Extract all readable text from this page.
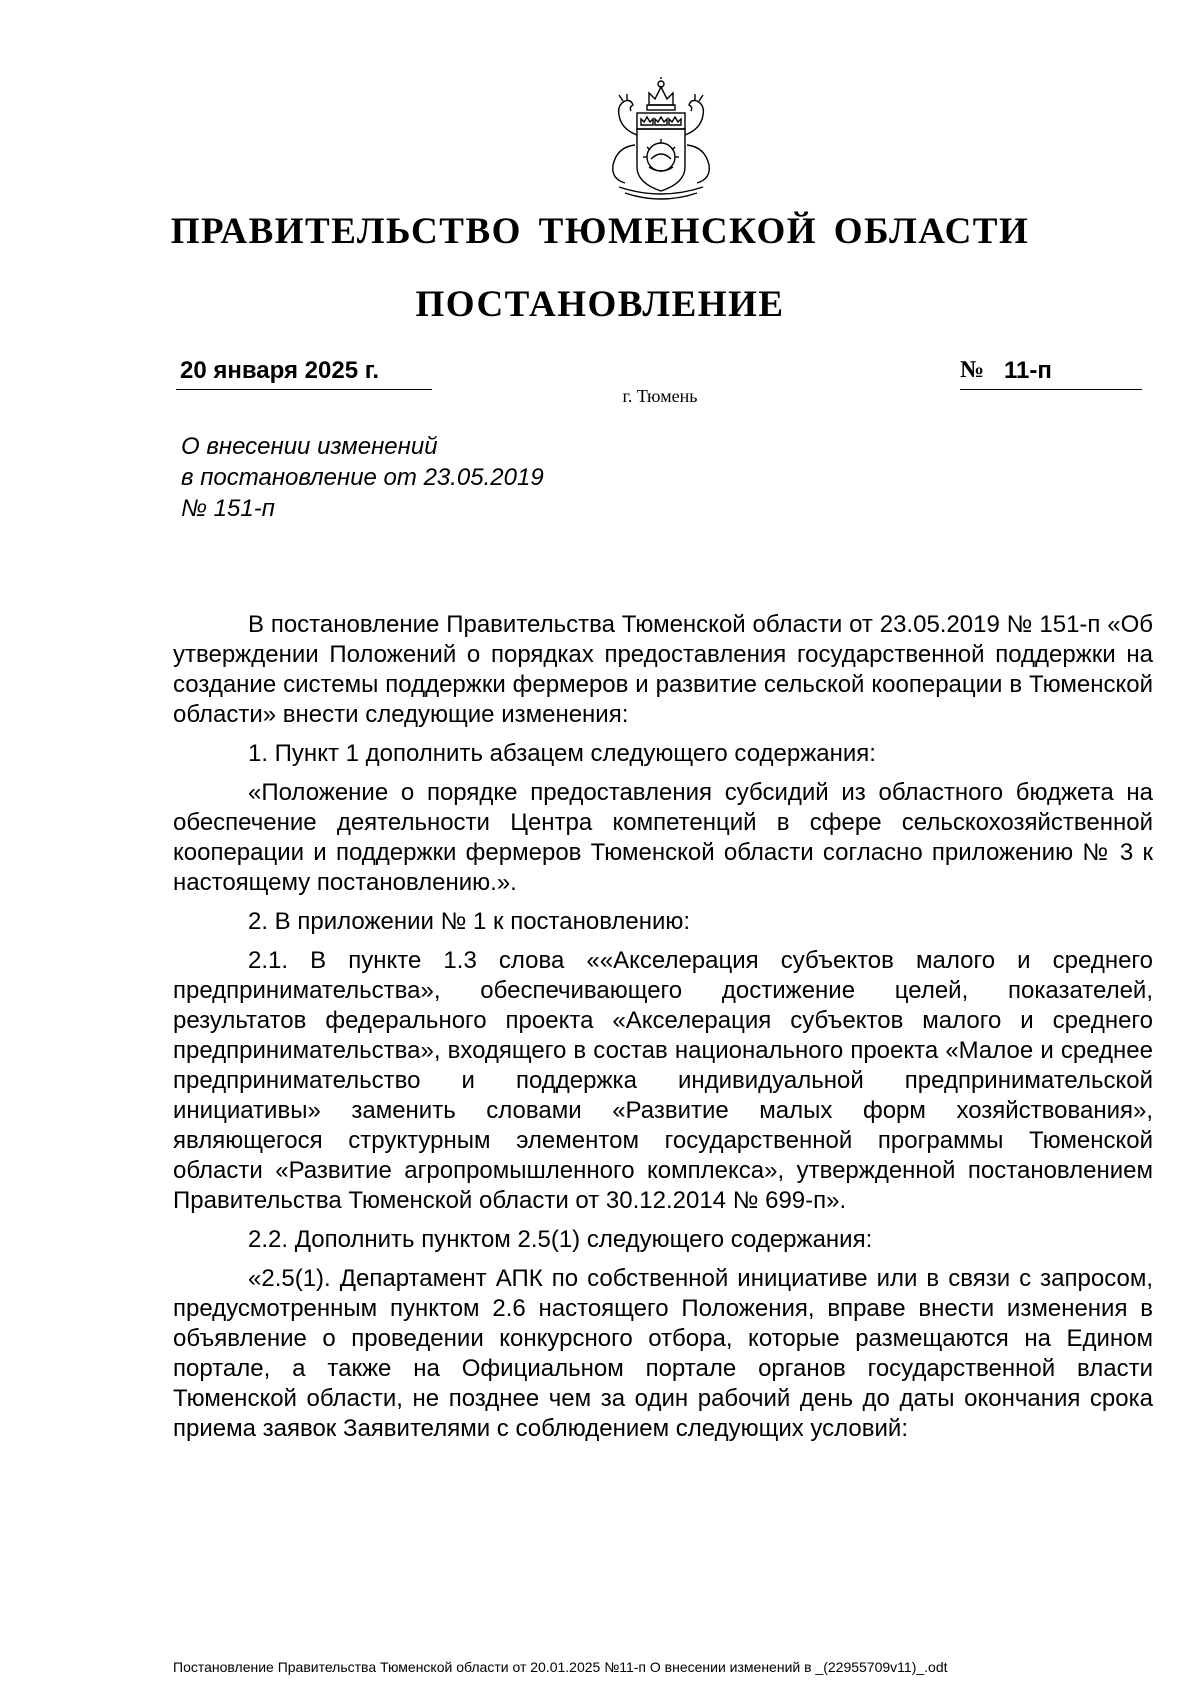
ПРАВИТЕЛЬСТВО ТЮМЕНСКОЙ ОБЛАСТИ
ПОСТАНОВЛЕНИЕ
20 января 2025 г.	№ 11-п
г. Тюмень
О внесении изменений
в постановление от 23.05.2019
№ 151-п

В постановление Правительства Тюменской области от 23.05.2019 № 151-п «Об утверждении Положений о порядках предоставления государственной поддержки на создание системы поддержки фермеров и развитие сельской кооперации в Тюменской области» внести следующие изменения:

1. Пункт 1 дополнить абзацем следующего содержания:

«Положение о порядке предоставления субсидий из областного бюджета на обеспечение деятельности Центра компетенций в сфере сельскохозяйственной кооперации и поддержки фермеров Тюменской области согласно приложению № 3 к настоящему постановлению.».

2. В приложении № 1 к постановлению:

2.1. В пункте 1.3 слова ««Акселерация субъектов малого и среднего предпринимательства», обеспечивающего достижение целей, показателей, результатов федерального проекта «Акселерация субъектов малого и среднего предпринимательства», входящего в состав национального проекта «Малое и среднее предпринимательство и поддержка индивидуальной предпринимательской инициативы» заменить словами «Развитие малых форм хозяйствования», являющегося структурным элементом государственной программы Тюменской области «Развитие агропромышленного комплекса», утвержденной постановлением Правительства Тюменской области от 30.12.2014 № 699-п».

2.2. Дополнить пунктом 2.5(1) следующего содержания:

«2.5(1). Департамент АПК по собственной инициативе или в связи с запросом, предусмотренным пунктом 2.6 настоящего Положения, вправе внести изменения в объявление о проведении конкурсного отбора, которые размещаются на Едином портале, а также на Официальном портале органов государственной власти Тюменской области, не позднее чем за один рабочий день до даты окончания срока приема заявок Заявителями с соблюдением следующих условий:

Постановление Правительства Тюменской области от 20.01.2025 №11-п О внесении изменений в _(22955709v11)_.odt
